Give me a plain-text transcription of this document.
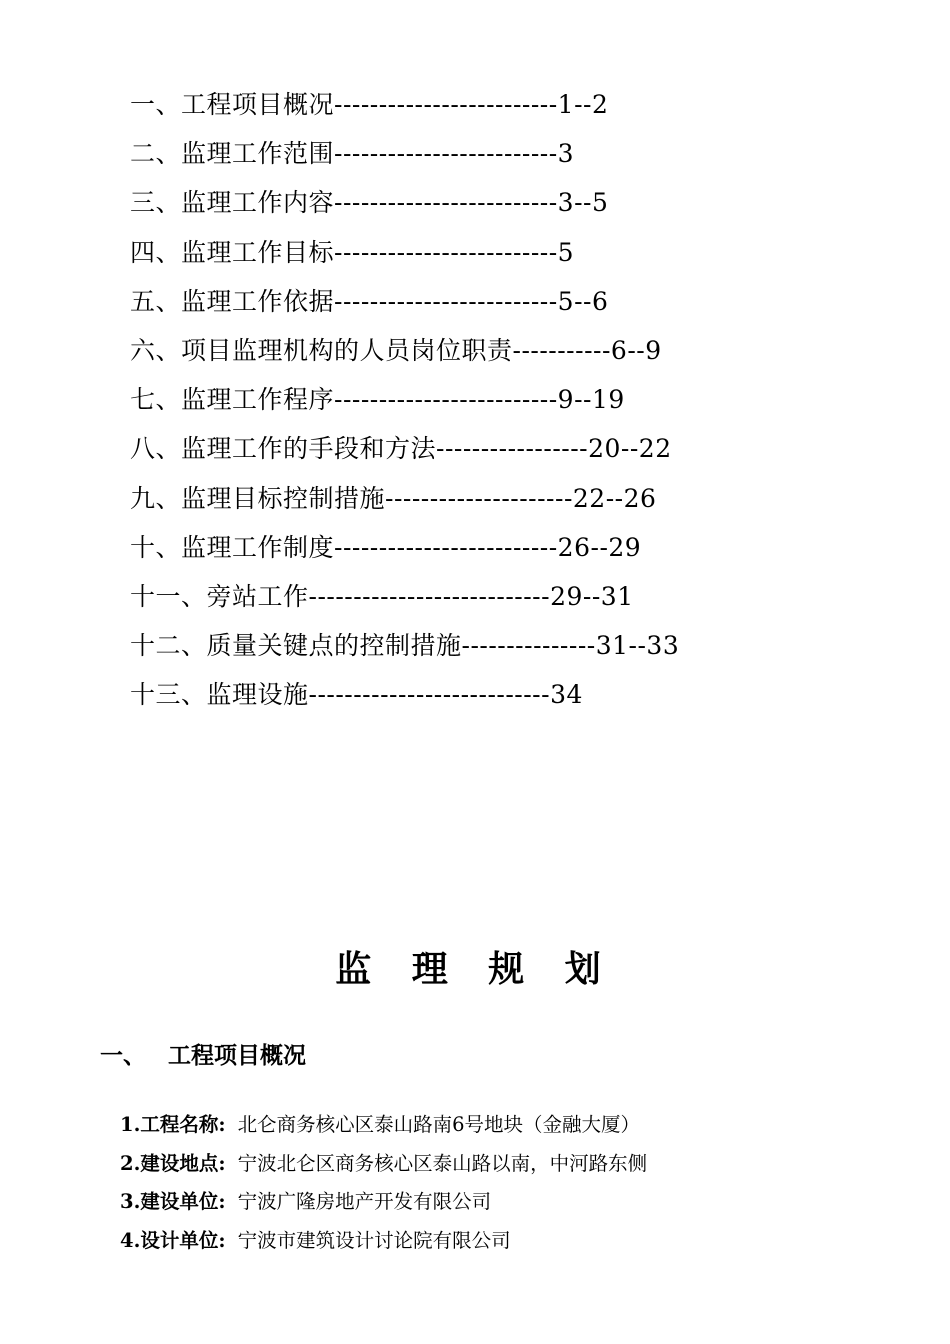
一、工程项目概况-------------------------1--2
二、监理工作范围-------------------------3
三、监理工作内容-------------------------3--5
四、监理工作目标-------------------------5
五、监理工作依据-------------------------5--6
六、项目监理机构的人员岗位职责-----------6--9
七、监理工作程序-------------------------9--19
八、监理工作的手段和方法-----------------20--22
九、监理目标控制措施---------------------22--26
十、监理工作制度-------------------------26--29
十一、旁站工作---------------------------29--31
十二、质量关键点的控制措施---------------31--33
十三、监理设施---------------------------34
监 理 规 划
一、 工程项目概况
1.工程名称: 北仑商务核心区泰山路南6号地块（金融大厦）
2.建设地点: 宁波北仑区商务核心区泰山路以南，中河路东侧
3.建设单位: 宁波广隆房地产开发有限公司
4.设计单位: 宁波市建筑设计讨论院有限公司
